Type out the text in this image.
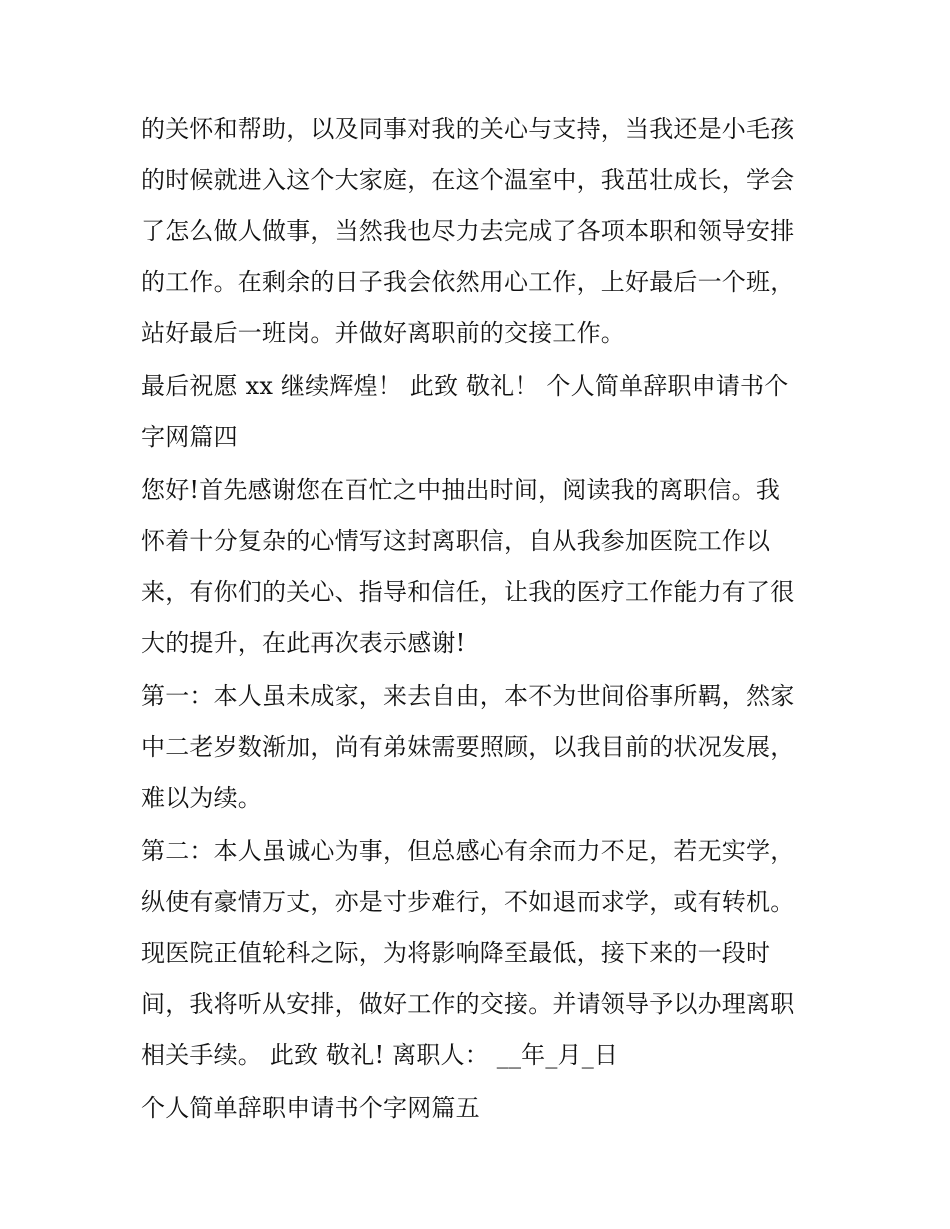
的关怀和帮助，以及同事对我的关心与支持，当我还是小毛孩
的时候就进入这个大家庭，在这个温室中，我茁壮成长，学会
了怎么做人做事，当然我也尽力去完成了各项本职和领导安排
的工作。在剩余的日子我会依然用心工作，上好最后一个班，
站好最后一班岗。并做好离职前的交接工作。

最后祝愿 xx 继续辉煌！ 此致 敬礼！ 个人简单辞职申请书个
字网篇四

您好!首先感谢您在百忙之中抽出时间，阅读我的离职信。我
怀着十分复杂的心情写这封离职信，自从我参加医院工作以
来，有你们的关心、指导和信任，让我的医疗工作能力有了很
大的提升，在此再次表示感谢!

第一：本人虽未成家，来去自由，本不为世间俗事所羁，然家
中二老岁数渐加，尚有弟妹需要照顾，以我目前的状况发展，
难以为续。

第二：本人虽诚心为事，但总感心有余而力不足，若无实学，
纵使有豪情万丈，亦是寸步难行，不如退而求学，或有转机。
现医院正值轮科之际，为将影响降至最低，接下来的一段时
间，我将听从安排，做好工作的交接。并请领导予以办理离职
相关手续。 此致 敬礼! 离职人： __年_月_日

个人简单辞职申请书个字网篇五
